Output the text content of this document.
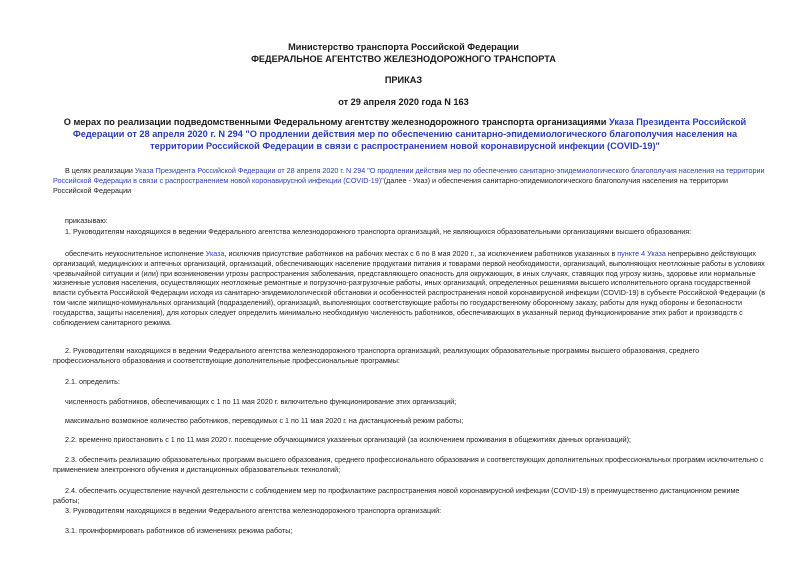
Министерство транспорта Российской Федерации
ФЕДЕРАЛЬНОЕ АГЕНТСТВО ЖЕЛЕЗНОДОРОЖНОГО ТРАНСПОРТА
ПРИКАЗ
от 29 апреля 2020 года N 163
О мерах по реализации подведомственными Федеральному агентству железнодорожного транспорта организациями Указа Президента Российской Федерации от 28 апреля 2020 г. N 294 "О продлении действия мер по обеспечению санитарно-эпидемиологического благополучия населения на территории Российской Федерации в связи с распространением новой коронавирусной инфекции (COVID-19)"
В целях реализации Указа Президента Российской Федерации от 28 апреля 2020 г. N 294 "О продлении действия мер по обеспечению санитарно-эпидемиологического благополучия населения на территории Российской Федерации в связи с распространением новой коронавирусной инфекции (COVID-19)"(далее - Указ) и обеспечения санитарно-эпидемиологического благополучия населения на территории Российской Федерации
приказываю:
1. Руководителям находящихся в ведении Федерального агентства железнодорожного транспорта организаций, не являющихся образовательными организациями высшего образования:
обеспечить неукоснительное исполнение Указа, исключив присутствие работников на рабочих местах с 6 по 8 мая 2020 г., за исключением работников указанных в пункте 4 Указа непрерывно действующих организаций, медицинских и аптечных организаций, организаций, обеспечивающих население продуктами питания и товарами первой необходимости, организаций, выполняющих неотложные работы в условиях чрезвычайной ситуации и (или) при возникновении угрозы распространения заболевания, представляющего опасность для окружающих, в иных случаях, ставящих под угрозу жизнь, здоровье или нормальные жизненные условия населения, осуществляющих неотложные ремонтные и погрузочно-разгрузочные работы, иных организаций, определенных решениями высшего исполнительного органа государственной власти субъекта Российской Федерации исходя из санитарно-эпидемиологической обстановки и особенностей распространения новой коронавирусной инфекции (COVID-19) в субъекте Российской Федерации (в том числе жилищно-коммунальных организаций (подразделений), организаций, выполняющих соответствующие работы по государственному оборонному заказу, работы для нужд обороны и безопасности государства, защиты населения), для которых следует определить минимально необходимую численность работников, обеспечивающих в указанный период функционирование этих работ и производств с соблюдением санитарного режима.
2. Руководителям находящихся в ведении Федерального агентства железнодорожного транспорта организаций, реализующих образовательные программы высшего образования, среднего профессионального образования и соответствующие дополнительные профессиональные программы:
2.1. определить:
численность работников, обеспечивающих с 1 по 11 мая 2020 г. включительно функционирование этих организаций;
максимально возможное количество работников, переводимых с 1 по 11 мая 2020 г. на дистанционный режим работы;
2.2. временно приостановить с 1 по 11 мая 2020 г. посещение обучающимися указанных организаций (за исключением проживания в общежитиях данных организаций);
2.3. обеспечить реализацию образовательных программ высшего образования, среднего профессионального образования и соответствующих дополнительных профессиональных программ исключительно с применением электронного обучения и дистанционных образовательных технологий;
2.4. обеспечить осуществление научной деятельности с соблюдением мер по профилактике распространения новой коронавирусной инфекции (COVID-19) в преимущественно дистанционном режиме работы;
3. Руководителям находящихся в ведении Федерального агентства железнодорожного транспорта организаций:
3.1. проинформировать работников об изменениях режима работы;
